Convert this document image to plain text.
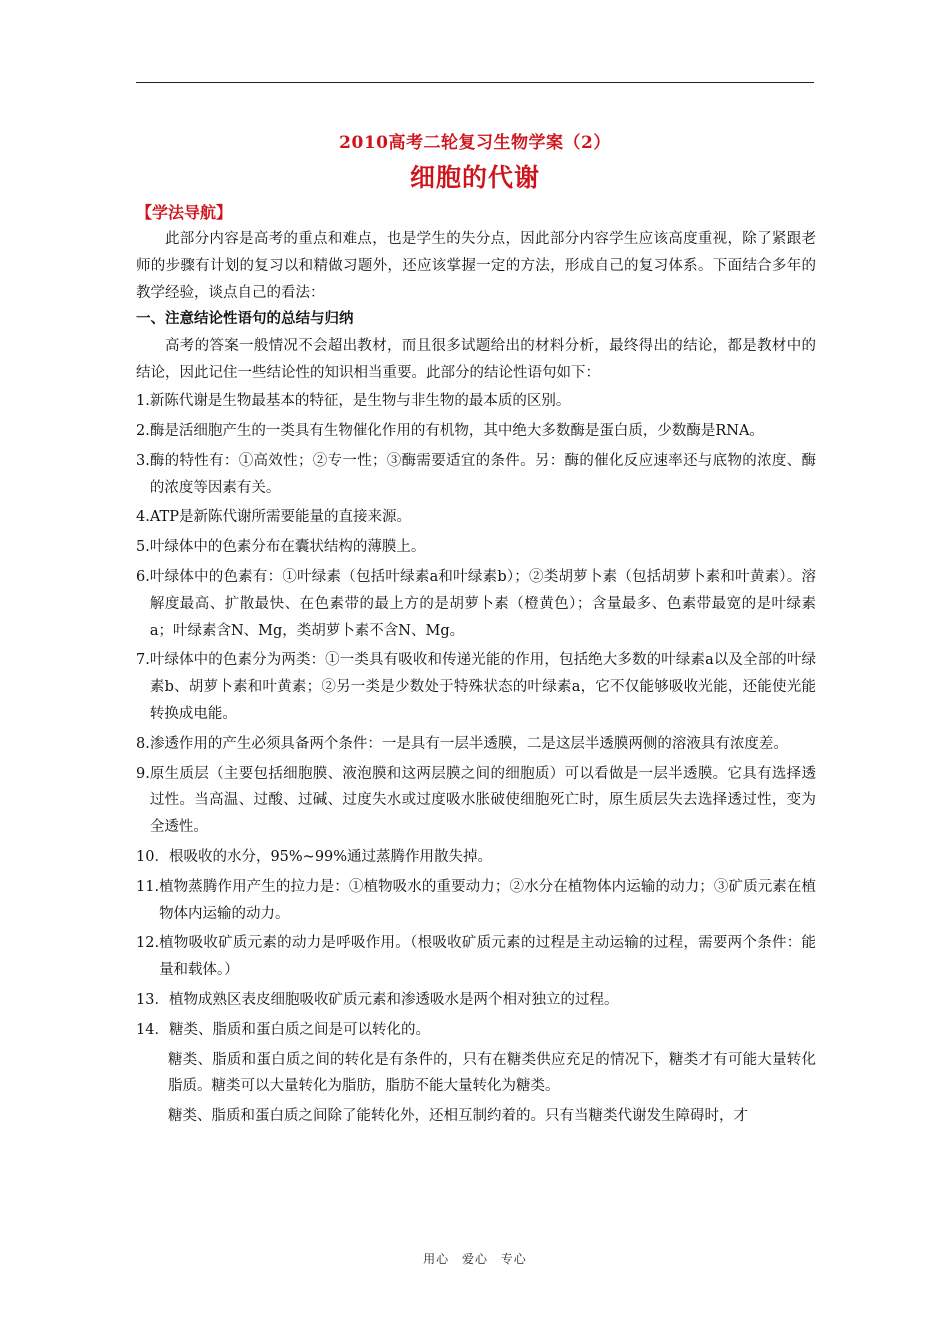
2010高考二轮复习生物学案（2）
细胞的代谢
【学法导航】

此部分内容是高考的重点和难点，也是学生的失分点，因此部分内容学生应该高度重视，除了紧跟老师的步骤有计划的复习以和精做习题外，还应该掌握一定的方法，形成自己的复习体系。下面结合多年的教学经验，谈点自己的看法：

一、注意结论性语句的总结与归纳

高考的答案一般情况不会超出教材，而且很多试题给出的材料分析，最终得出的结论，都是教材中的结论，因此记住一些结论性的知识相当重要。此部分的结论性语句如下：

1. 新陈代谢是生物最基本的特征，是生物与非生物的最本质的区别。
2. 酶是活细胞产生的一类具有生物催化作用的有机物，其中绝大多数酶是蛋白质，少数酶是RNA。
3. 酶的特性有：①高效性；②专一性；③酶需要适宜的条件。另：酶的催化反应速率还与底物的浓度、酶的浓度等因素有关。
4. ATP是新陈代谢所需要能量的直接来源。
5. 叶绿体中的色素分布在囊状结构的薄膜上。
6. 叶绿体中的色素有：①叶绿素（包括叶绿素a和叶绿素b）；②类胡萝卜素（包括胡萝卜素和叶黄素）。溶解度最高、扩散最快、在色素带的最上方的是胡萝卜素（橙黄色）；含量最多、色素带最宽的是叶绿素a；叶绿素含N、Mg，类胡萝卜素不含N、Mg。
7. 叶绿体中的色素分为两类：①一类具有吸收和传递光能的作用，包括绝大多数的叶绿素a以及全部的叶绿素b、胡萝卜素和叶黄素；②另一类是少数处于特殊状态的叶绿素a，它不仅能够吸收光能，还能使光能转换成电能。
8. 渗透作用的产生必须具备两个条件：一是具有一层半透膜，二是这层半透膜两侧的溶液具有浓度差。
9. 原生质层（主要包括细胞膜、液泡膜和这两层膜之间的细胞质）可以看做是一层半透膜。它具有选择透过性。当高温、过酸、过碱、过度失水或过度吸水胀破使细胞死亡时，原生质层失去选择透过性，变为全透性。
10． 根吸收的水分，95%~99%通过蒸腾作用散失掉。
11. 植物蒸腾作用产生的拉力是：①植物吸水的重要动力；②水分在植物体内运输的动力；③矿质元素在植物体内运输的动力。
12. 植物吸收矿质元素的动力是呼吸作用。（根吸收矿质元素的过程是主动运输的过程，需要两个条件：能量和载体。）
13． 植物成熟区表皮细胞吸收矿质元素和渗透吸水是两个相对独立的过程。
14． 糖类、脂质和蛋白质之间是可以转化的。

糖类、脂质和蛋白质之间的转化是有条件的，只有在糖类供应充足的情况下，糖类才有可能大量转化脂质。糖类可以大量转化为脂肪，脂肪不能大量转化为糖类。

糖类、脂质和蛋白质之间除了能转化外，还相互制约着的。只有当糖类代谢发生障碍时，才

用心 爱心 专心
